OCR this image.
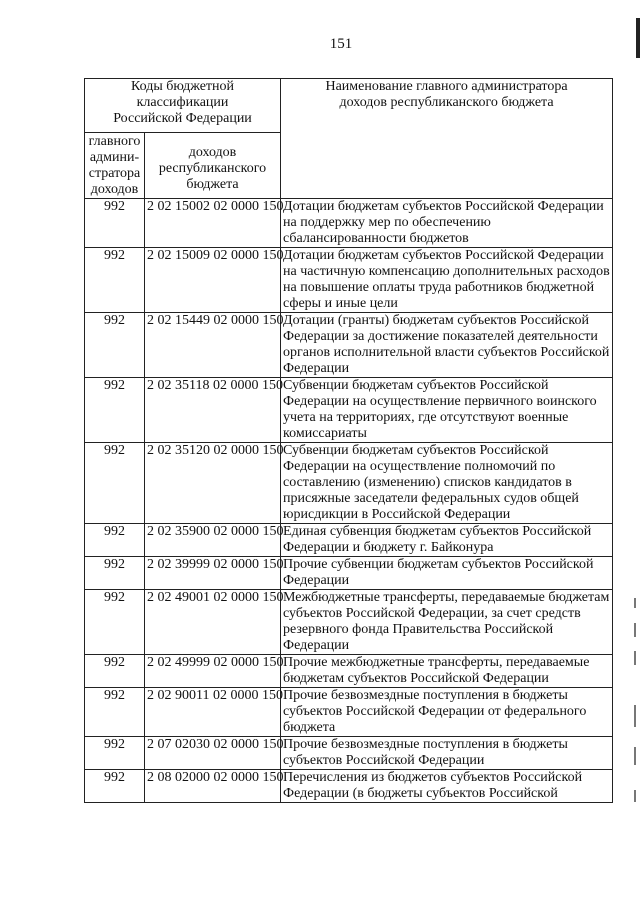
151
Коды бюджетной классификации Российской Федерации		Наименование главного администратора доходов республиканского бюджета
главного админи-стратора доходов	доходов республиканского бюджета	
992	2 02 15002 02 0000 150	Дотации бюджетам субъектов Российской Федерации на поддержку мер по обеспечению сбалансированности бюджетов
992	2 02 15009 02 0000 150	Дотации бюджетам субъектов Российской Федерации на частичную компенсацию дополнительных расходов на повышение оплаты труда работников бюджетной сферы и иные цели
992	2 02 15449 02 0000 150	Дотации (гранты) бюджетам субъектов Российской Федерации за достижение показателей деятельности органов исполнительной власти субъектов Российской Федерации
992	2 02 35118 02 0000 150	Субвенции бюджетам субъектов Российской Федерации на осуществление первичного воинского учета на территориях, где отсутствуют военные комиссариаты
992	2 02 35120 02 0000 150	Субвенции бюджетам субъектов Российской Федерации на осуществление полномочий по составлению (изменению) списков кандидатов в присяжные заседатели федеральных судов общей юрисдикции в Российской Федерации
992	2 02 35900 02 0000 150	Единая субвенция бюджетам субъектов Российской Федерации и бюджету г. Байконура
992	2 02 39999 02 0000 150	Прочие субвенции бюджетам субъектов Российской Федерации
992	2 02 49001 02 0000 150	Межбюджетные трансферты, передаваемые бюджетам субъектов Российской Федерации, за счет средств резервного фонда Правительства Российской Федерации
992	2 02 49999 02 0000 150	Прочие межбюджетные трансферты, передаваемые бюджетам субъектов Российской Федерации
992	2 02 90011 02 0000 150	Прочие безвозмездные поступления в бюджеты субъектов Российской Федерации от федерального бюджета
992	2 07 02030 02 0000 150	Прочие безвозмездные поступления в бюджеты субъектов Российской Федерации
992	2 08 02000 02 0000 150	Перечисления из бюджетов субъектов Российской Федерации (в бюджеты субъектов Российской
